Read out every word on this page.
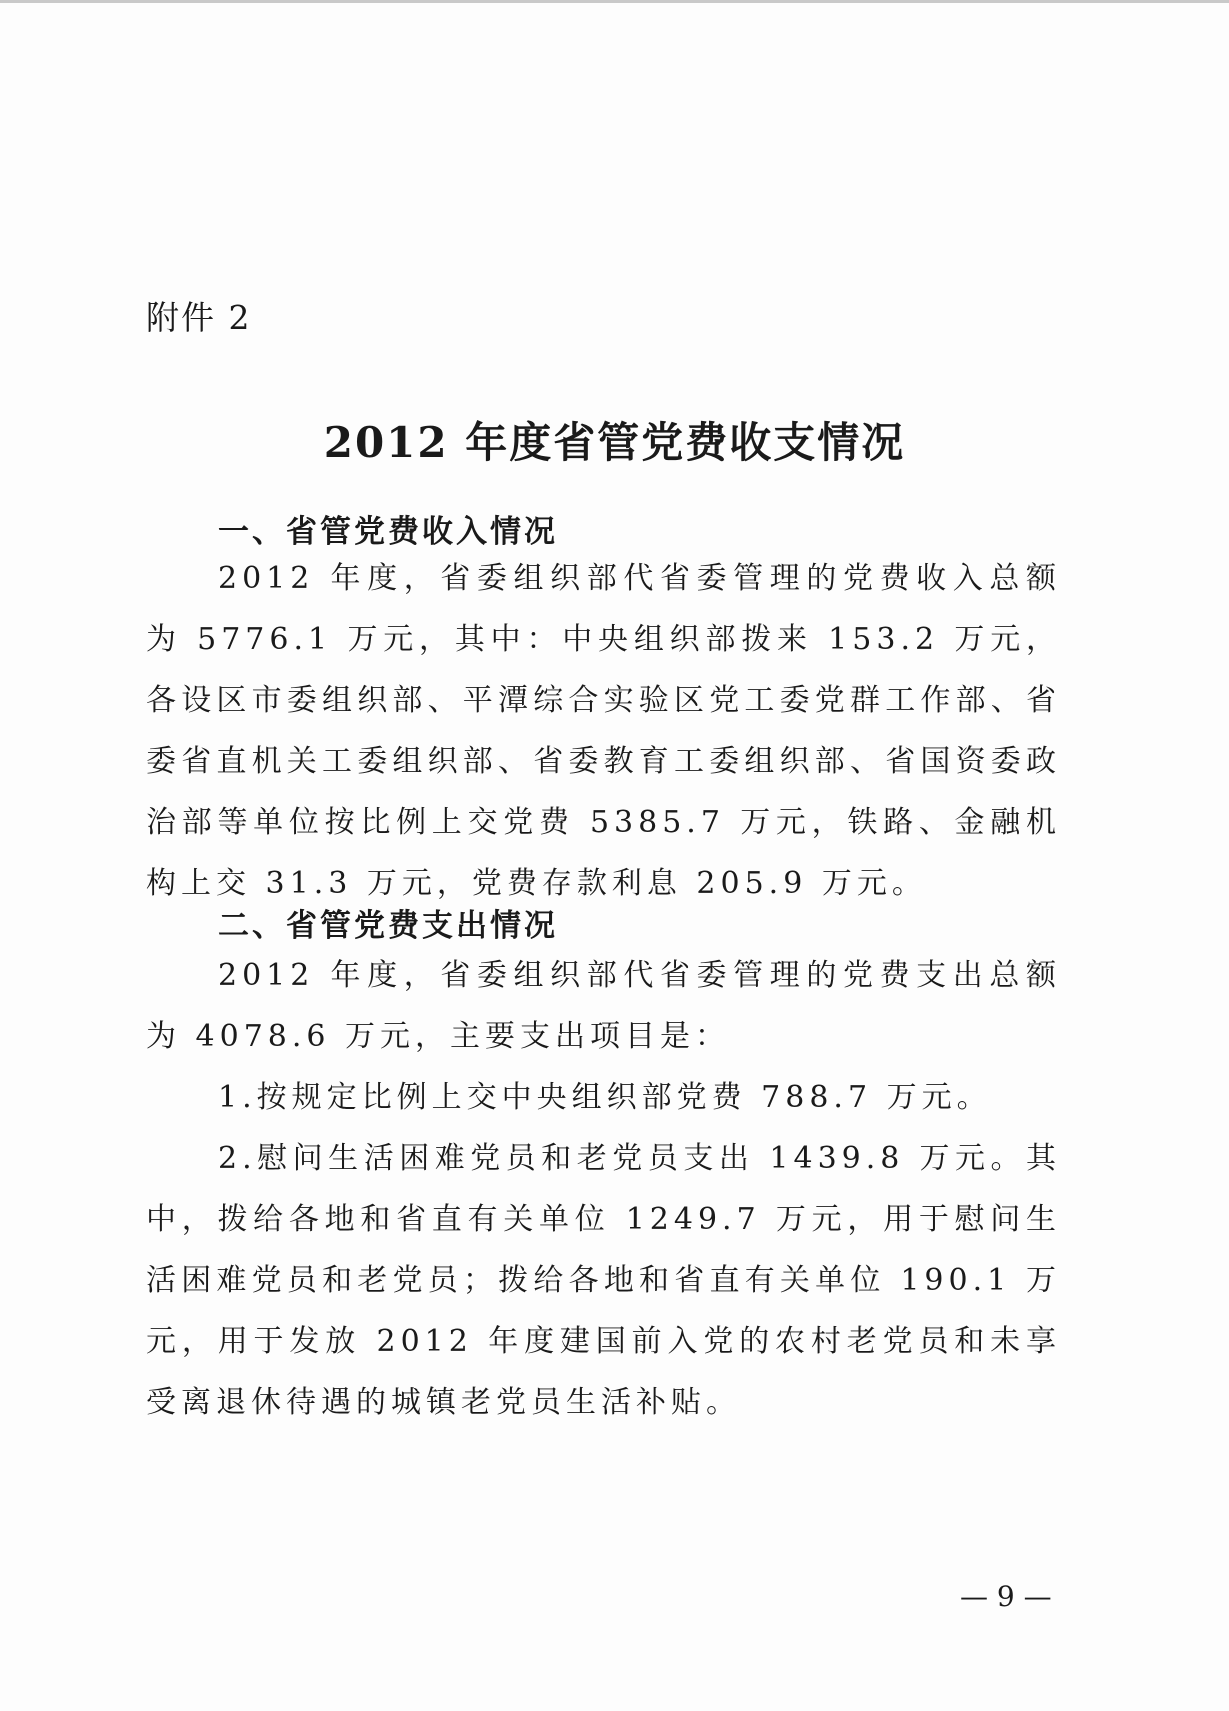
附件 2
2012 年度省管党费收支情况
一、省管党费收入情况

2012 年度，省委组织部代省委管理的党费收入总额为 5776.1 万元，其中：中央组织部拨来 153.2 万元，各设区市委组织部、平潭综合实验区党工委党群工作部、省委省直机关工委组织部、省委教育工委组织部、省国资委政治部等单位按比例上交党费 5385.7 万元，铁路、金融机构上交 31.3 万元，党费存款利息 205.9 万元。

二、省管党费支出情况

2012 年度，省委组织部代省委管理的党费支出总额为 4078.6 万元，主要支出项目是：

1.按规定比例上交中央组织部党费 788.7 万元。

2.慰问生活困难党员和老党员支出 1439.8 万元。其中，拨给各地和省直有关单位 1249.7 万元，用于慰问生活困难党员和老党员；拨给各地和省直有关单位 190.1 万元，用于发放 2012 年度建国前入党的农村老党员和未享受离退休待遇的城镇老党员生活补贴。

— 9 —
